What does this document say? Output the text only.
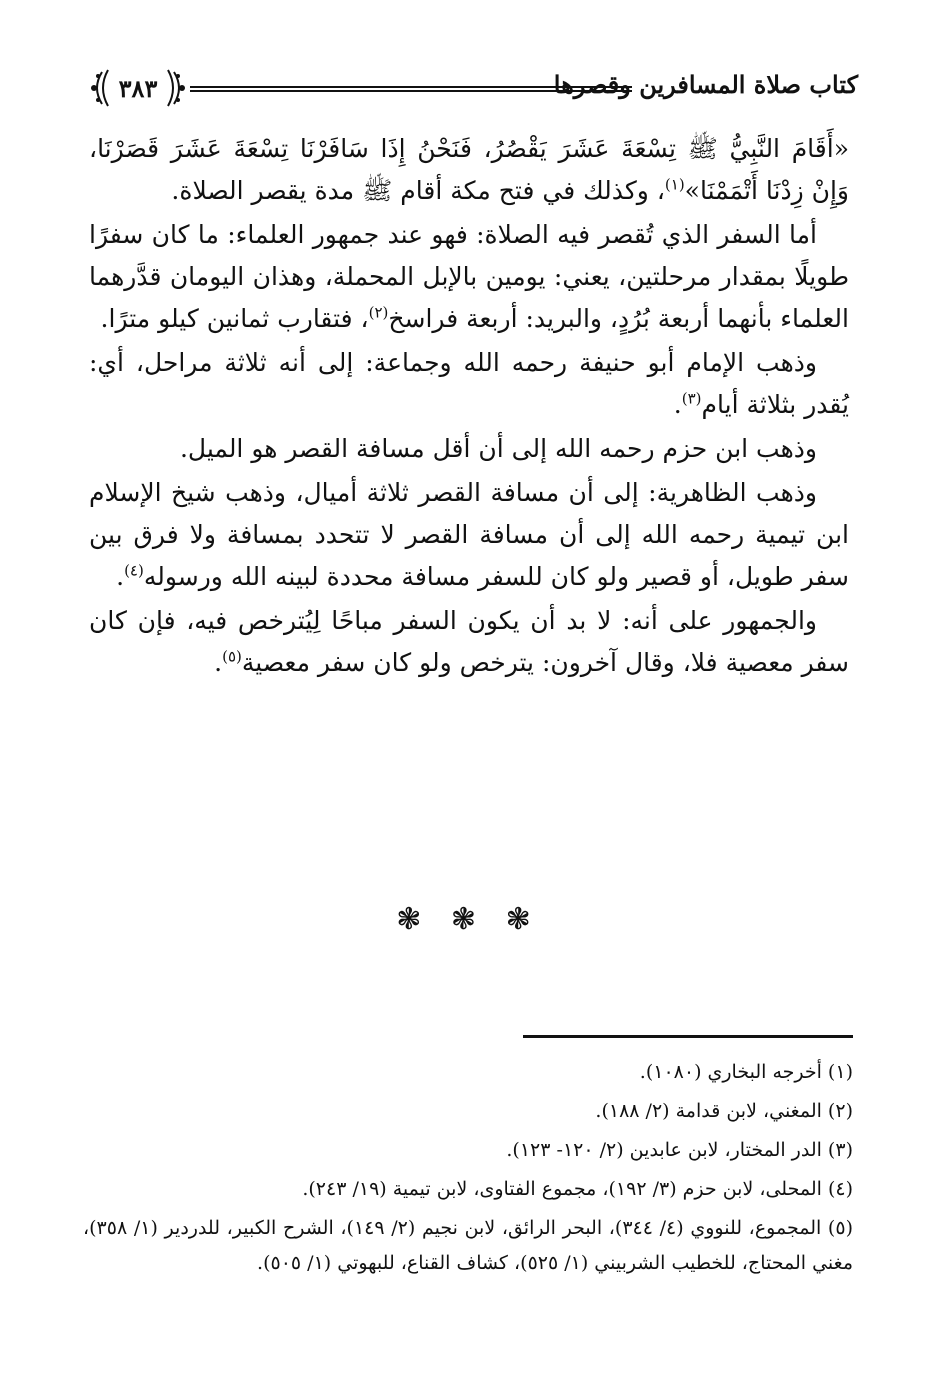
كتاب صلاة المسافرين وقصرها
٣٨٣

«أَقَامَ النَّبِيُّ ﷺ تِسْعَةَ عَشَرَ يَقْصُرُ، فَنَحْنُ إِذَا سَافَرْنَا تِسْعَةَ عَشَرَ قَصَرْنَا، وَإِنْ زِدْنَا أَتْمَمْنَا»$^{(١)}$، وكذلك في فتح مكة أقام ﷺ مدة يقصر الصلاة.

أما السفر الذي تُقصر فيه الصلاة: فهو عند جمهور العلماء: ما كان سفرًا طويلًا بمقدار مرحلتين، يعني: يومين بالإبل المحملة، وهذان اليومان قدَّرهما العلماء بأنهما أربعة بُرُدٍ، والبريد: أربعة فراسخ$^{(٢)}$، فتقارب ثمانين كيلو مترًا.

وذهب الإمام أبو حنيفة رحمه الله وجماعة: إلى أنه ثلاثة مراحل، أي: يُقدر بثلاثة أيام$^{(٣)}$.

وذهب ابن حزم رحمه الله إلى أن أقل مسافة القصر هو الميل.

وذهب الظاهرية: إلى أن مسافة القصر ثلاثة أميال، وذهب شيخ الإسلام ابن تيمية رحمه الله إلى أن مسافة القصر لا تتحدد بمسافة ولا فرق بين سفر طويل، أو قصير ولو كان للسفر مسافة محددة لبينه الله ورسوله$^{(٤)}$.

والجمهور على أنه: لا بد أن يكون السفر مباحًا لِيُترخص فيه، فإن كان سفر معصية فلا، وقال آخرون: يترخص ولو كان سفر معصية$^{(٥)}$.

❃ ❃ ❃
(١) أخرجه البخاري (١٠٨٠).
(٢) المغني، لابن قدامة (٢/ ١٨٨).
(٣) الدر المختار، لابن عابدين (٢/ ١٢٠- ١٢٣).
(٤) المحلى، لابن حزم (٣/ ١٩٢)، مجموع الفتاوى، لابن تيمية (١٩/ ٢٤٣).
(٥) المجموع، للنووي (٤/ ٣٤٤)، البحر الرائق، لابن نجيم (٢/ ١٤٩)، الشرح الكبير، للدردير (١/ ٣٥٨)، مغني المحتاج، للخطيب الشربيني (١/ ٥٢٥)، كشاف القناع، للبهوتي (١/ ٥٠٥).
